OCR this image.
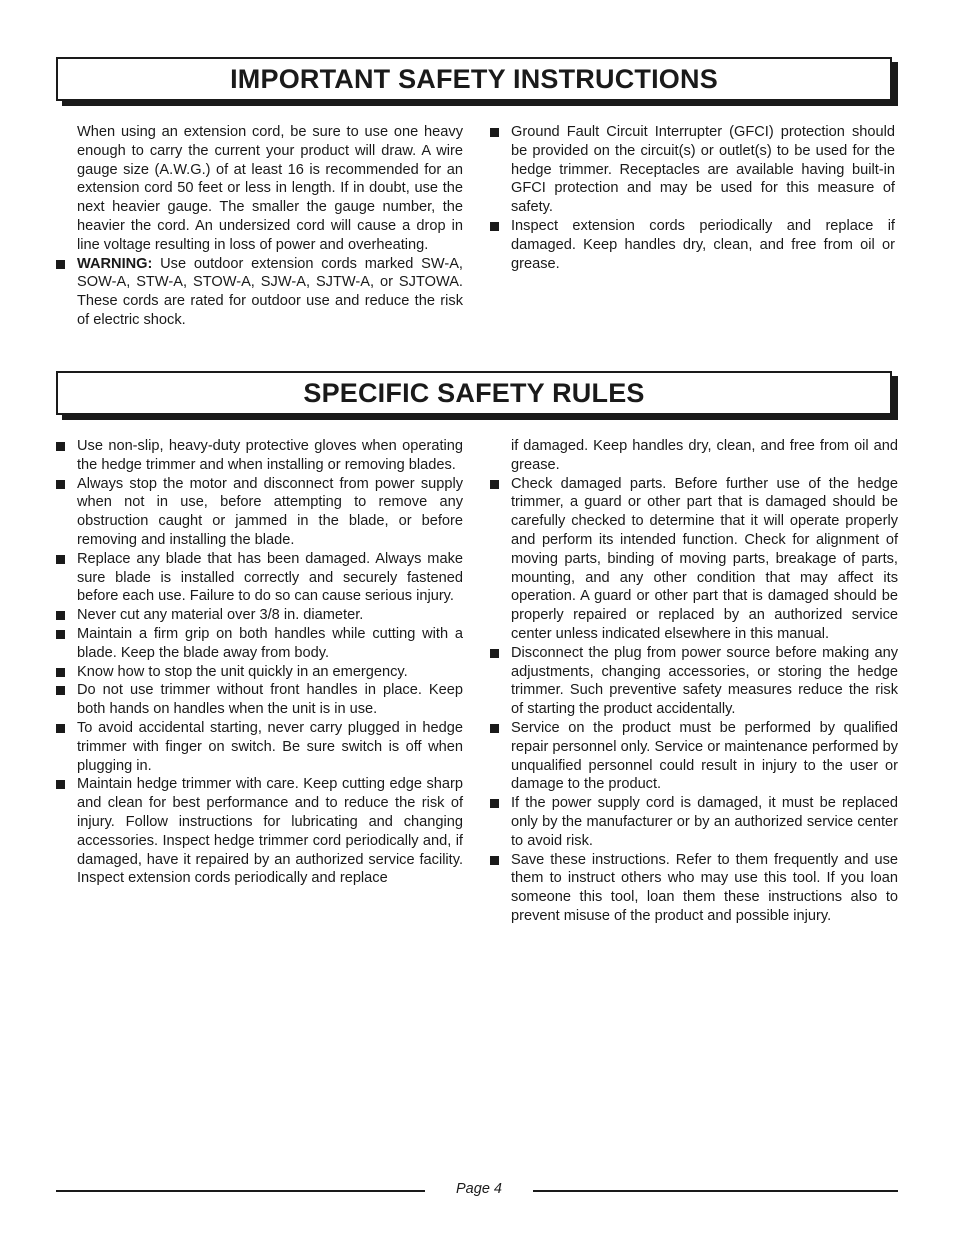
IMPORTANT SAFETY INSTRUCTIONS

When using an extension cord, be sure to use one heavy enough to carry the current your product will draw. A wire gauge size (A.W.G.) of at least 16 is recommended for an extension cord 50 feet or less in length. If in doubt, use the next heavier gauge. The smaller the gauge number, the heavier the cord. An undersized cord will cause a drop in line voltage resulting in loss of power and overheating.

WARNING: Use outdoor extension cords marked SW-A, SOW-A, STW-A, STOW-A, SJW-A, SJTW-A, or SJTOWA. These cords are rated for outdoor use and reduce the risk of electric shock.

Ground Fault Circuit Interrupter (GFCI) protection should be provided on the circuit(s) or outlet(s) to be used for the hedge trimmer. Receptacles are available having built-in GFCI protection and may be used for this measure of safety.

Inspect extension cords periodically and replace if damaged. Keep handles dry, clean, and free from oil or grease.

SPECIFIC SAFETY RULES

Use non-slip, heavy-duty protective gloves when operating the hedge trimmer and when installing or removing blades.

Always stop the motor and disconnect from power supply when not in use, before attempting to remove any obstruction caught or jammed in the blade, or before removing and installing the blade.

Replace any blade that has been damaged. Always make sure blade is installed correctly and securely fastened before each use. Failure to do so can cause serious injury.

Never cut any material over 3/8 in. diameter.

Maintain a firm grip on both handles while cutting with a blade. Keep the blade away from body.

Know how to stop the unit quickly in an emergency.

Do not use trimmer without front handles in place. Keep both hands on handles when the unit is in use.

To avoid accidental starting, never carry plugged in hedge trimmer with finger on switch. Be sure switch is off when plugging in.

Maintain hedge trimmer with care. Keep cutting edge sharp and clean for best performance and to reduce the risk of injury. Follow instructions for lubricating and changing accessories. Inspect hedge trimmer cord periodically and, if damaged, have it repaired by an authorized service facility. Inspect extension cords periodically and replace

if damaged. Keep handles dry, clean, and free from oil and grease.

Check damaged parts. Before further use of the hedge trimmer, a guard or other part that is damaged should be carefully checked to determine that it will operate properly and perform its intended function. Check for alignment of moving parts, binding of moving parts, breakage of parts, mounting, and any other condition that may affect its operation. A guard or other part that is damaged should be properly repaired or replaced by an authorized service center unless indicated elsewhere in this manual.

Disconnect the plug from power source before making any adjustments, changing accessories, or storing the hedge trimmer. Such preventive safety measures reduce the risk of starting the product accidentally.

Service on the product must be performed by qualified repair personnel only. Service or maintenance performed by unqualified personnel could result in injury to the user or damage to the product.

If the power supply cord is damaged, it must be replaced only by the manufacturer or by an authorized service center to avoid risk.

Save these instructions. Refer to them frequently and use them to instruct others who may use this tool. If you loan someone this tool, loan them these instructions also to prevent misuse of the product and possible injury.

Page 4
